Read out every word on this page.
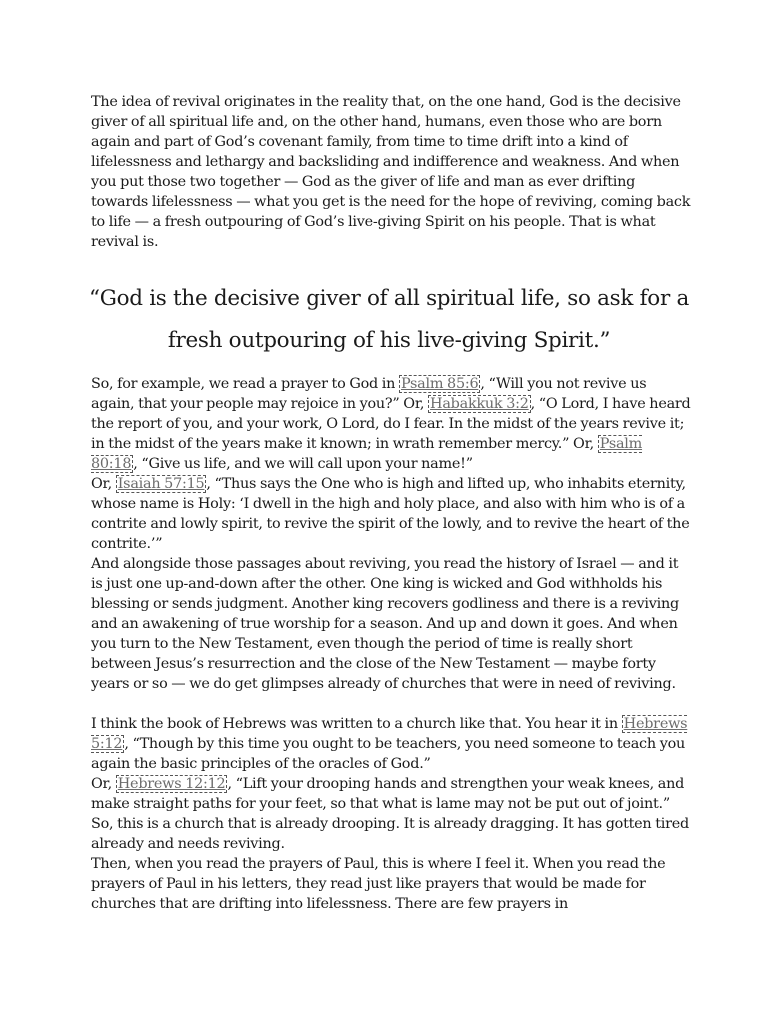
The idea of revival originates in the reality that, on the one hand, God is the decisive giver of all spiritual life and, on the other hand, humans, even those who are born again and part of God’s covenant family, from time to time drift into a kind of lifelessness and lethargy and backsliding and indifference and weakness. And when you put those two together — God as the giver of life and man as ever drifting towards lifelessness — what you get is the need for the hope of reviving, coming back to life — a fresh outpouring of God’s live-giving Spirit on his people. That is what revival is.

“God is the decisive giver of all spiritual life, so ask for a fresh outpouring of his live-giving Spirit.”

So, for example, we read a prayer to God in Psalm 85:6 , “Will you not revive us again, that your people may rejoice in you?” Or, Habakkuk 3:2 , “O Lord, I have heard the report of you, and your work, O Lord, do I fear. In the midst of the years revive it; in the midst of the years make it known; in wrath remember mercy.” Or, Psalm 80:18 , “Give us life, and we will call upon your name!”
Or, Isaiah 57:15 , “Thus says the One who is high and lifted up, who inhabits eternity, whose name is Holy: ‘I dwell in the high and holy place, and also with him who is of a contrite and lowly spirit, to revive the spirit of the lowly, and to revive the heart of the contrite.’”

And alongside those passages about reviving, you read the history of Israel — and it is just one up-and-down after the other. One king is wicked and God withholds his blessing or sends judgment. Another king recovers godliness and there is a reviving and an awakening of true worship for a season. And up and down it goes. And when you turn to the New Testament, even though the period of time is really short between Jesus’s resurrection and the close of the New Testament — maybe forty years or so — we do get glimpses already of churches that were in need of reviving.

I think the book of Hebrews was written to a church like that. You hear it in Hebrews 5:12 , “Though by this time you ought to be teachers, you need someone to teach you again the basic principles of the oracles of God.”
Or, Hebrews 12:12 , “Lift your drooping hands and strengthen your weak knees, and make straight paths for your feet, so that what is lame may not be put out of joint.” So, this is a church that is already drooping. It is already dragging. It has gotten tired already and needs reviving.

Then, when you read the prayers of Paul, this is where I feel it. When you read the prayers of Paul in his letters, they read just like prayers that would be made for churches that are drifting into lifelessness. There are few prayers in
